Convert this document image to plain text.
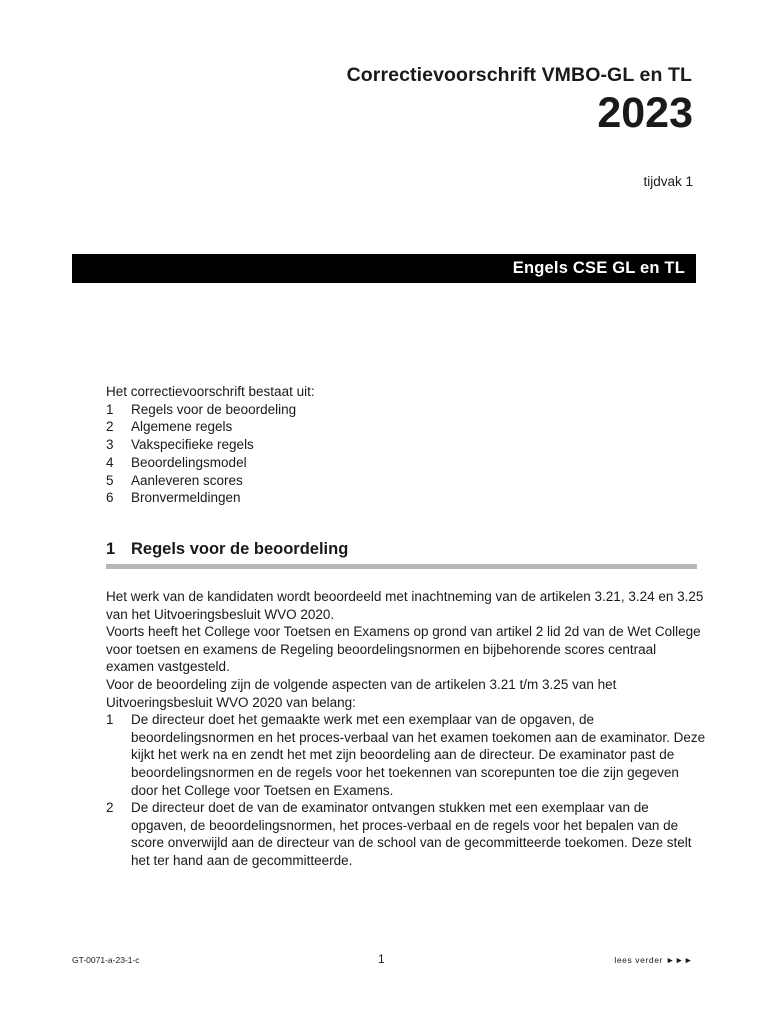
Correctievoorschrift VMBO-GL en TL
2023
tijdvak 1
Engels CSE GL en TL
Het correctievoorschrift bestaat uit:
1 Regels voor de beoordeling
2 Algemene regels
3 Vakspecifieke regels
4 Beoordelingsmodel
5 Aanleveren scores
6 Bronvermeldingen
1 Regels voor de beoordeling

Het werk van de kandidaten wordt beoordeeld met inachtneming van de artikelen 3.21, 3.24 en 3.25 van het Uitvoeringsbesluit WVO 2020.

Voorts heeft het College voor Toetsen en Examens op grond van artikel 2 lid 2d van de Wet College voor toetsen en examens de Regeling beoordelingsnormen en bijbehorende scores centraal examen vastgesteld.

Voor de beoordeling zijn de volgende aspecten van de artikelen 3.21 t/m 3.25 van het Uitvoeringsbesluit WVO 2020 van belang:

1	De directeur doet het gemaakte werk met een exemplaar van de opgaven, de beoordelingsnormen en het proces-verbaal van het examen toekomen aan de examinator. Deze kijkt het werk na en zendt het met zijn beoordeling aan de directeur. De examinator past de beoordelingsnormen en de regels voor het toekennen van scorepunten toe die zijn gegeven door het College voor Toetsen en Examens.
2	De directeur doet de van de examinator ontvangen stukken met een exemplaar van de opgaven, de beoordelingsnormen, het proces-verbaal en de regels voor het bepalen van de score onverwijld aan de directeur van de school van de gecommitteerde toekomen. Deze stelt het ter hand aan de gecommitteerde.
GT-0071-a-23-1-c	1	lees verder ►►►
